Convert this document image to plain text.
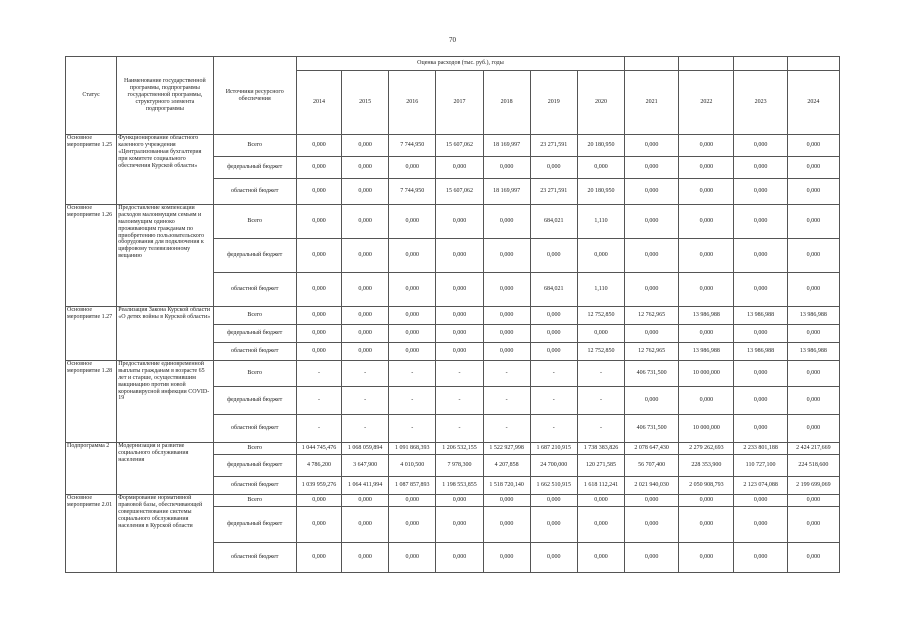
70
Статус	Наименование государственной программы, подпрограммы государственной программы, структурного элемента подпрограммы	Источники ресурсного обеспечения	Оценка расходов (тыс. руб.), годы										
			2014	2015	2016	2017	2018	2019	2020	2021	2022	2023	2024
Основное мероприятие 1.25	Функционирование областного казенного учреждения «Централизованная бухгалтерия при комитете социального обеспечения Курской области»	Всего	0,000	0,000	7 744,950	15 607,062	18 169,997	23 271,591	20 180,950	0,000	0,000	0,000	0,000
		федеральный бюджет	0,000	0,000	0,000	0,000	0,000	0,000	0,000	0,000	0,000	0,000	0,000
		областной бюджет	0,000	0,000	7 744,950	15 607,062	18 169,997	23 271,591	20 180,950	0,000	0,000	0,000	0,000
Основное мероприятие 1.26	Предоставление компенсации расходов малоимущим семьям и малоимущим одиноко проживающим гражданам по приобретению пользовательского оборудования для подключения к цифровому телевизионному вещанию	Всего	0,000	0,000	0,000	0,000	0,000	684,021	1,110	0,000	0,000	0,000	0,000
		федеральный бюджет	0,000	0,000	0,000	0,000	0,000	0,000	0,000	0,000	0,000	0,000	0,000
		областной бюджет	0,000	0,000	0,000	0,000	0,000	684,021	1,110	0,000	0,000	0,000	0,000
Основное мероприятие 1.27	Реализация Закона Курской области «О детях войны в Курской области»	Всего	0,000	0,000	0,000	0,000	0,000	0,000	12 752,850	12 762,965	13 986,988	13 986,988	13 986,988
		федеральный бюджет	0,000	0,000	0,000	0,000	0,000	0,000	0,000	0,000	0,000	0,000	0,000
		областной бюджет	0,000	0,000	0,000	0,000	0,000	0,000	12 752,850	12 762,965	13 986,988	13 986,988	13 986,988
Основное мероприятие 1.28	Предоставление единовременной выплаты гражданам в возрасте 65 лет и старше, осуществившим вакцинацию против новой коронавирусной инфекции COVID-19	Всего	-	-	-	-	-	-	-	406 731,500	10 000,000	0,000	0,000
		федеральный бюджет	-	-	-	-	-	-	-	0,000	0,000	0,000	0,000
		областной бюджет	-	-	-	-	-	-	-	406 731,500	10 000,000	0,000	0,000
Подпрограмма 2	Модернизация и развитие социального обслуживания населения	Всего	1 044 745,476	1 068 059,894	1 091 868,393	1 206 532,155	1 522 927,998	1 687 210,915	1 738 383,826	2 078 647,430	2 279 262,693	2 233 801,188	2 424 217,669
		федеральный бюджет	4 786,200	3 647,900	4 010,500	7 978,300	4 207,858	24 700,000	120 271,585	56 707,400	228 353,900	110 727,100	224 518,600
		областной бюджет	1 039 959,276	1 064 411,994	1 087 857,893	1 198 553,855	1 518 720,140	1 662 510,915	1 618 112,241	2 021 940,030	2 050 908,793	2 123 074,088	2 199 699,069
Основное мероприятие 2.01	Формирование нормативной правовой базы, обеспечивающей совершенствование системы социального обслуживания населения в Курской области	Всего	0,000	0,000	0,000	0,000	0,000	0,000	0,000	0,000	0,000	0,000	0,000
		федеральный бюджет	0,000	0,000	0,000	0,000	0,000	0,000	0,000	0,000	0,000	0,000	0,000
		областной бюджет	0,000	0,000	0,000	0,000	0,000	0,000	0,000	0,000	0,000	0,000	0,000
